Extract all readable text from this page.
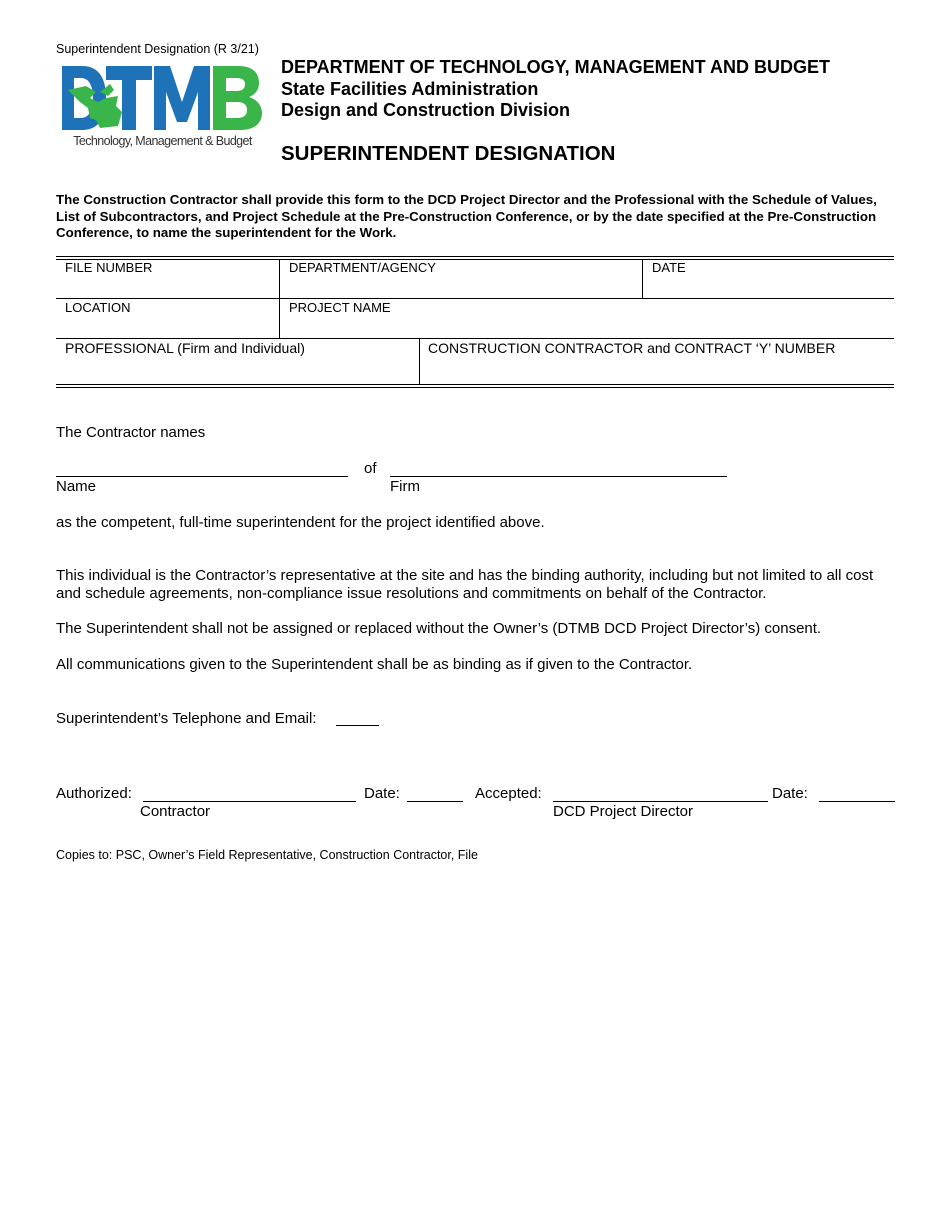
Superintendent Designation (R 3/21)
Technology, Management & Budget
DEPARTMENT OF TECHNOLOGY, MANAGEMENT AND BUDGET
State Facilities Administration
Design and Construction Division
SUPERINTENDENT DESIGNATION
The Construction Contractor shall provide this form to the DCD Project Director and the Professional with the Schedule of Values, List of Subcontractors, and Project Schedule at the Pre-Construction Conference, or by the date specified at the Pre-Construction Conference, to name the superintendent for the Work.
FILE NUMBER	DEPARTMENT/AGENCY	DATE
LOCATION	PROJECT NAME
PROFESSIONAL (Firm and Individual)	CONSTRUCTION CONTRACTOR and CONTRACT ‘Y’ NUMBER
The Contractor names
of
Name	Firm
as the competent, full-time superintendent for the project identified above.
This individual is the Contractor’s representative at the site and has the binding authority, including but not limited to all cost and schedule agreements, non-compliance issue resolutions and commitments on behalf of the Contractor.
The Superintendent shall not be assigned or replaced without the Owner’s (DTMB DCD Project Director’s) consent.
All communications given to the Superintendent shall be as binding as if given to the Contractor.
Superintendent’s Telephone and Email:
Authorized:	Date:	Accepted:	Date:
Contractor	DCD Project Director
Copies to: PSC, Owner’s Field Representative, Construction Contractor, File
